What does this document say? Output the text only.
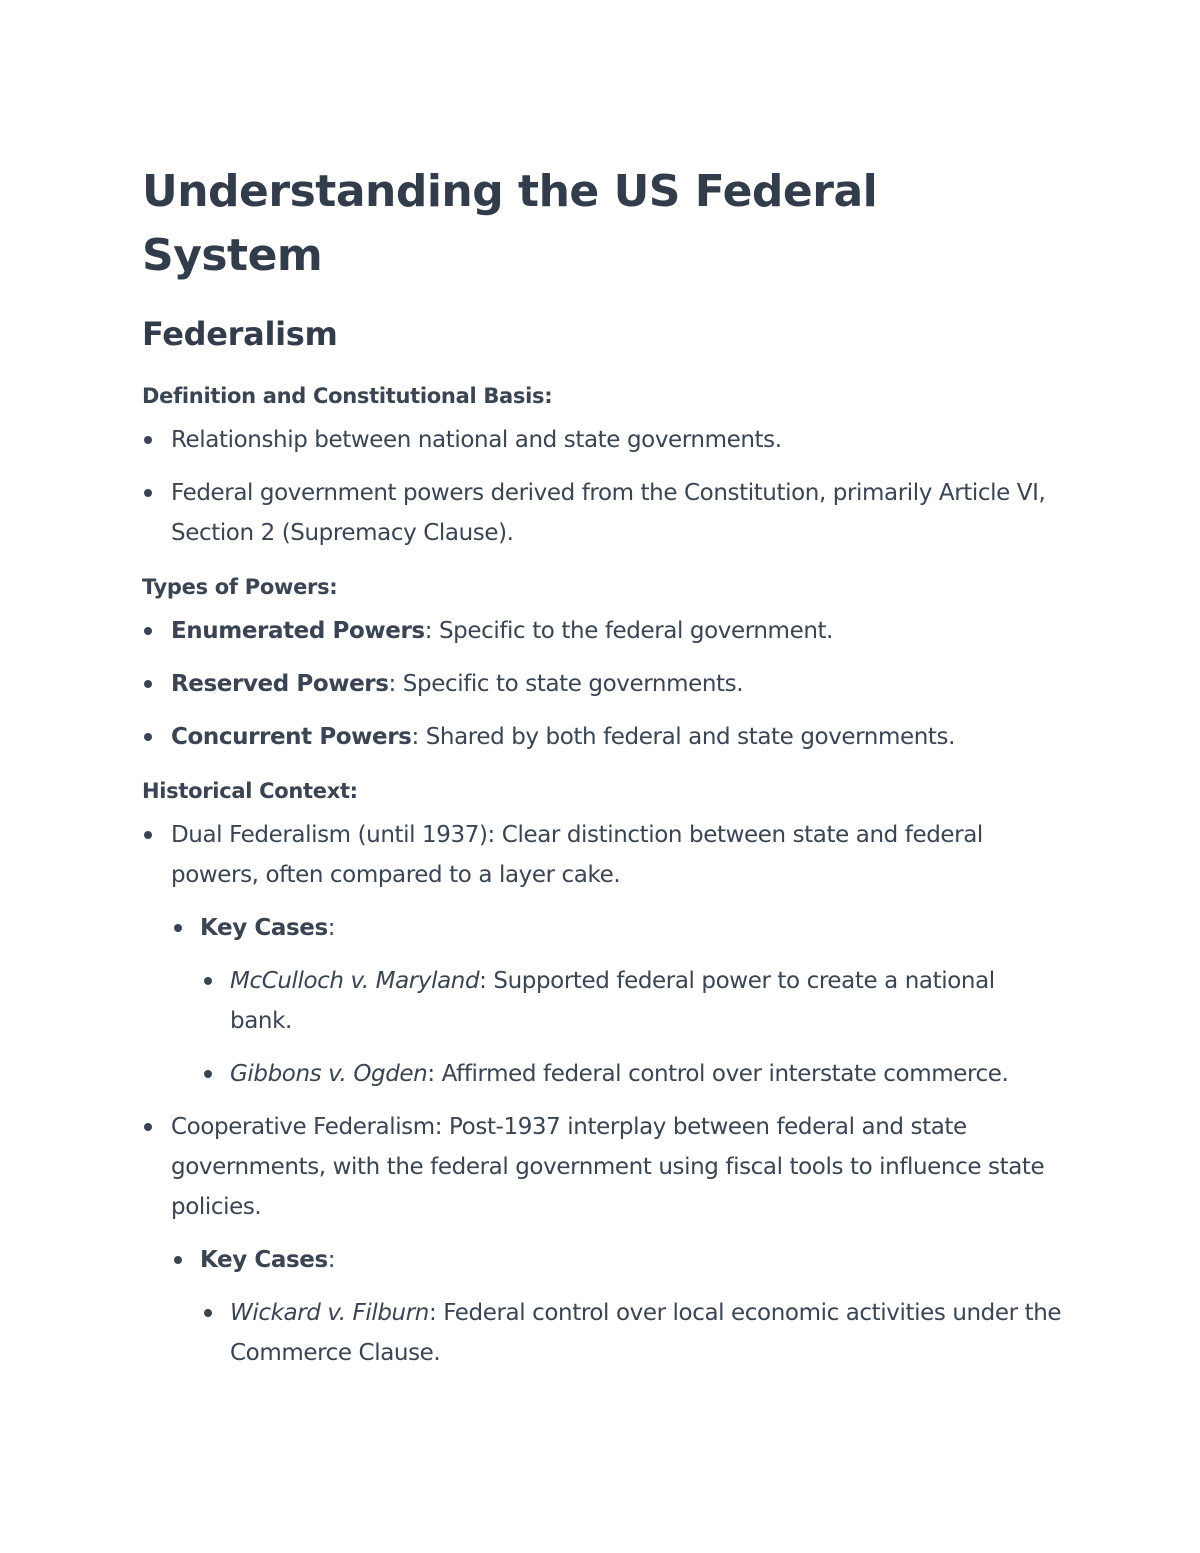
Understanding the US Federal System
Federalism
Definition and Constitutional Basis:
Relationship between national and state governments.
Federal government powers derived from the Constitution, primarily Article VI, Section 2 (Supremacy Clause).
Types of Powers:
Enumerated Powers: Specific to the federal government.
Reserved Powers: Specific to state governments.
Concurrent Powers: Shared by both federal and state governments.
Historical Context:
Dual Federalism (until 1937): Clear distinction between state and federal powers, often compared to a layer cake.
Key Cases:
McCulloch v. Maryland: Supported federal power to create a national bank.
Gibbons v. Ogden: Affirmed federal control over interstate commerce.
Cooperative Federalism: Post-1937 interplay between federal and state governments, with the federal government using fiscal tools to influence state policies.
Key Cases:
Wickard v. Filburn: Federal control over local economic activities under the Commerce Clause.
